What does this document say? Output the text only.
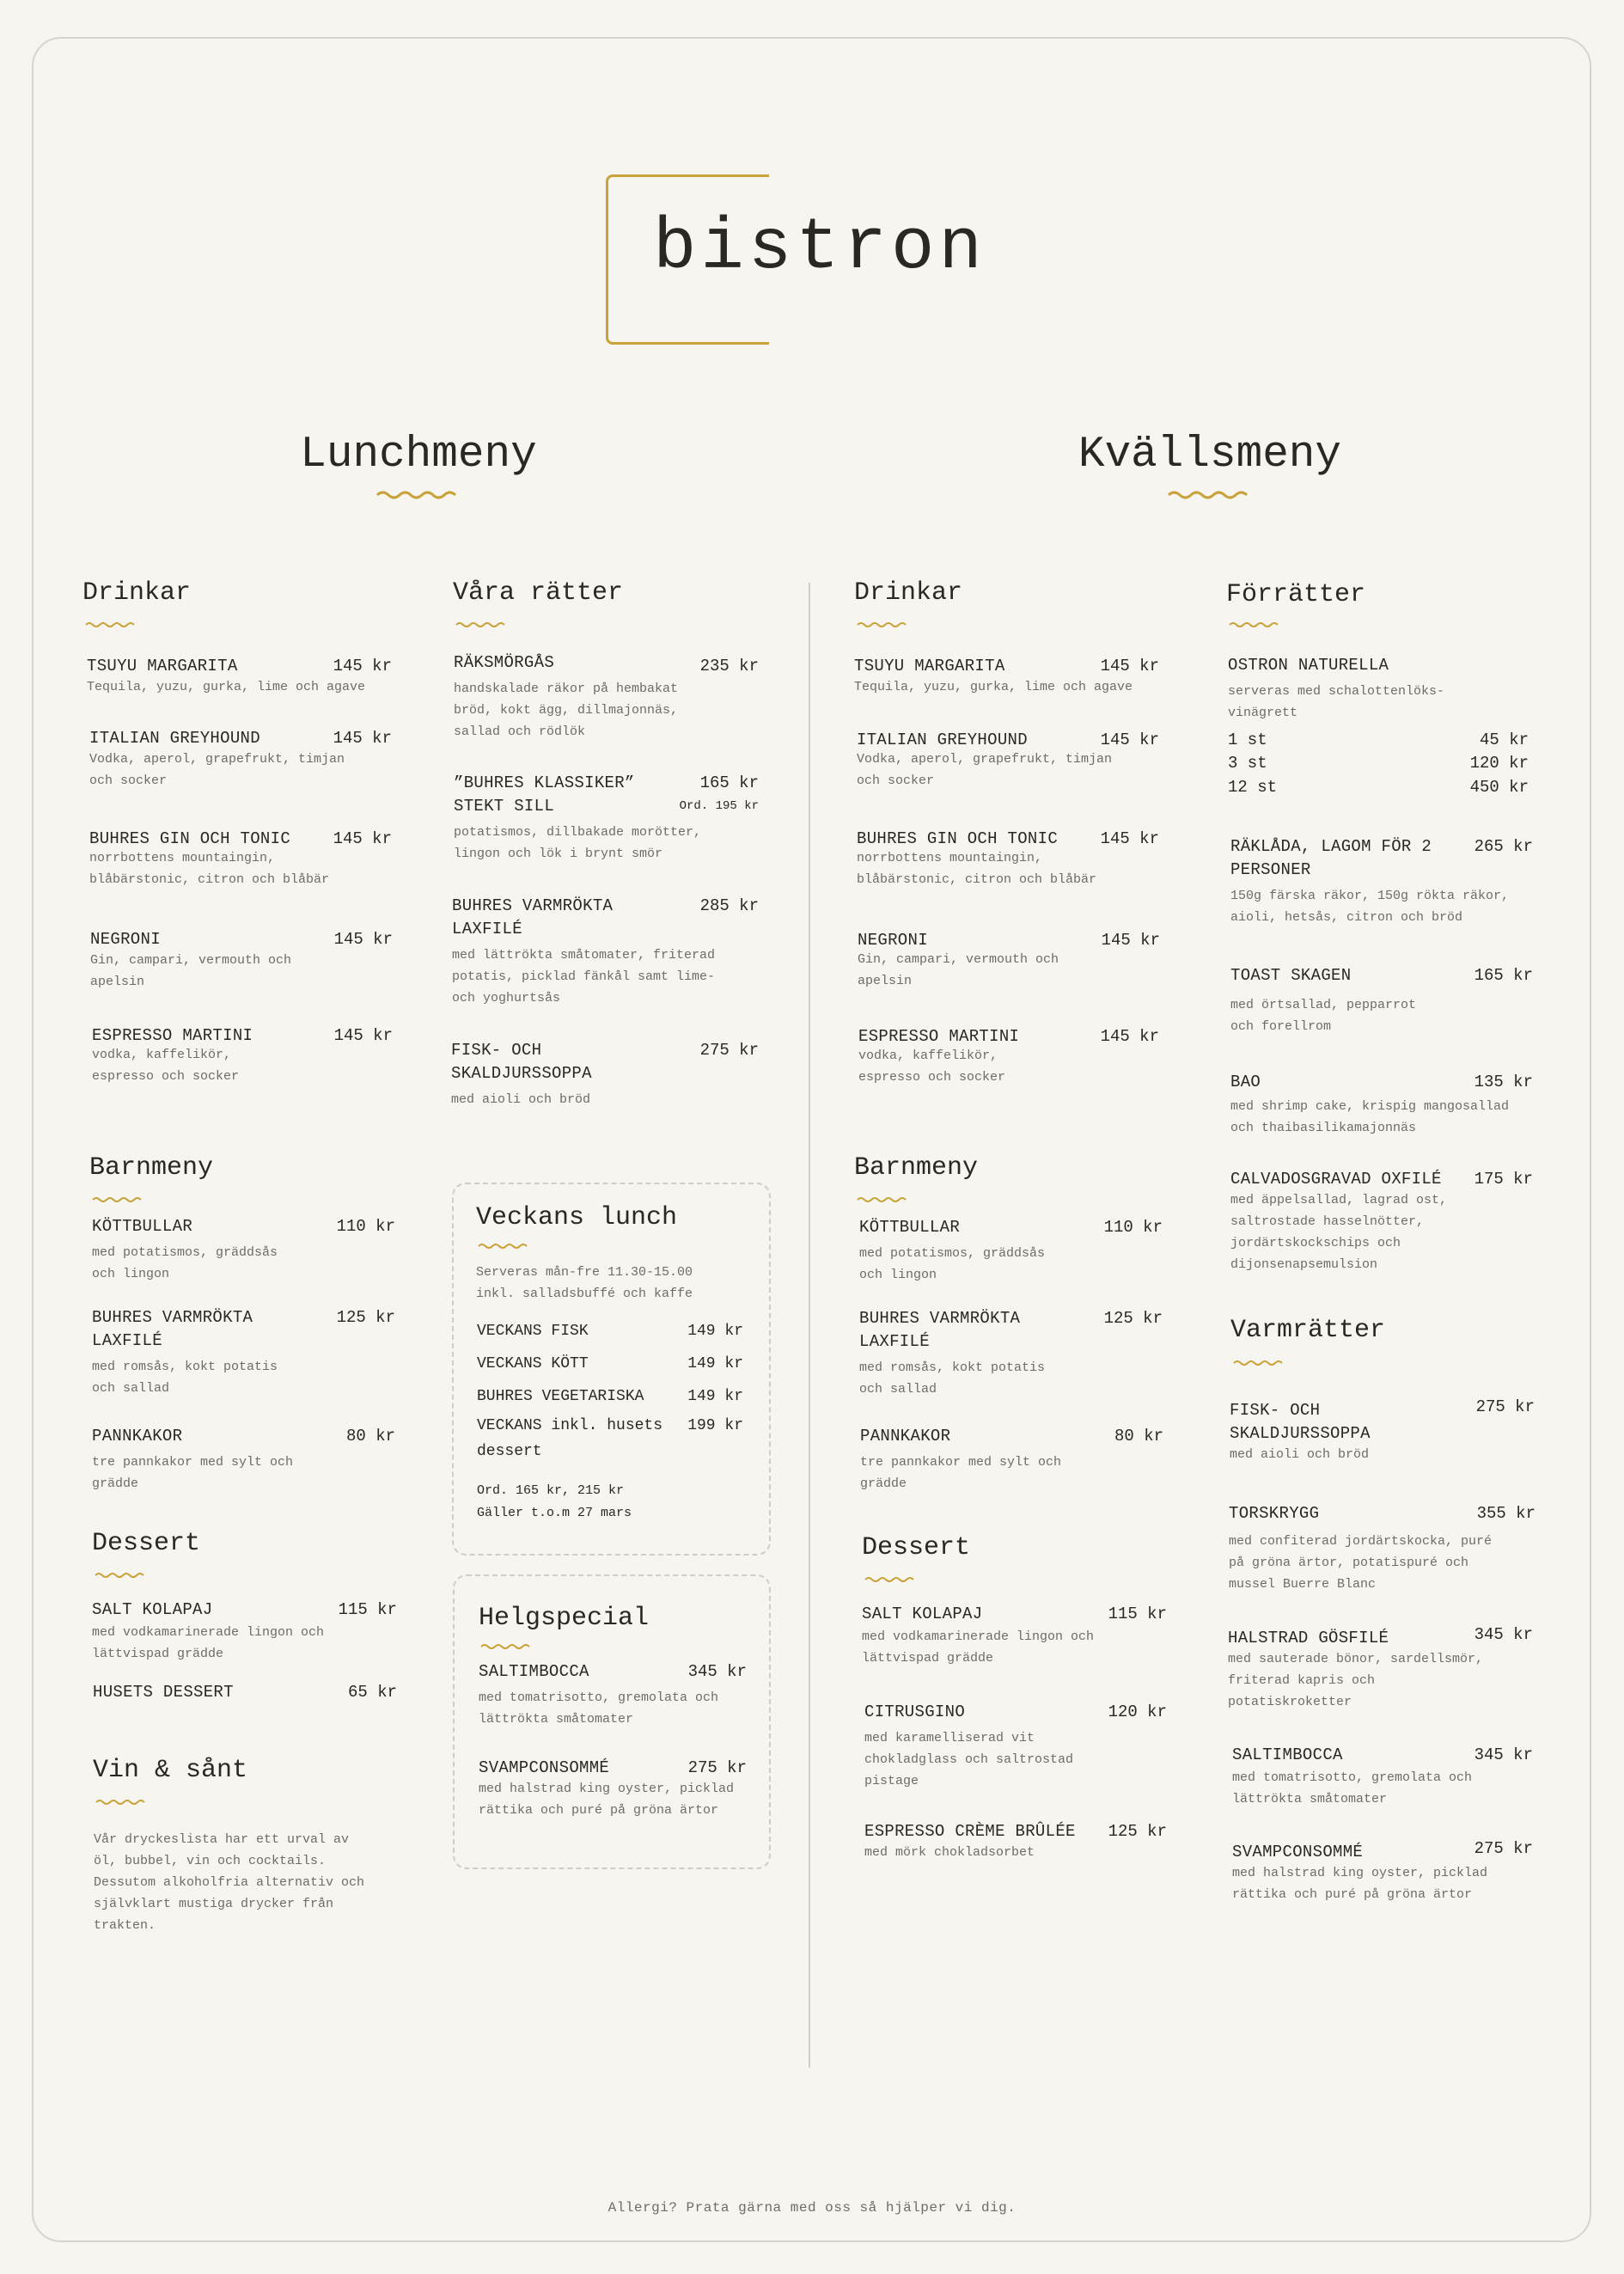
bistron
Lunchmeny	Kvällsmeny
Drinkar
TSUYU MARGARITA	145 kr
Tequila, yuzu, gurka, lime och agave
ITALIAN GREYHOUND	145 kr
Vodka, aperol, grapefrukt, timjan och socker
BUHRES GIN OCH TONIC	145 kr
norrbottens mountaingin, blåbärstonic, citron och blåbär
NEGRONI	145 kr
Gin, campari, vermouth och apelsin
ESPRESSO MARTINI	145 kr
vodka, kaffelikör, espresso och socker
Våra rätter
RÄKSMÖRGÅS	235 kr
handskalade räkor på hembakat bröd, kokt ägg, dillmajonnäs, sallad och rödlök
”BUHRES KLASSIKER” STEKT SILL
165 kr
Ord. 195 kr
potatismos, dillbakade morötter, lingon och lök i brynt smör
BUHRES VARMRÖKTA LAXFILÉ
285 kr
med lättrökta småtomater, friterad potatis, picklad fänkål samt lime- och yoghurtsås
FISK- OCH SKALDJURSSOPPA
275 kr
med aioli och bröd
Barnmeny
KÖTTBULLAR	110 kr
med potatismos, gräddsås och lingon
BUHRES VARMRÖKTA LAXFILÉ
125 kr
med romsås, kokt potatis och sallad
PANNKAKOR	80 kr
tre pannkakor med sylt och grädde
Dessert
SALT KOLAPAJ	115 kr
med vodkamarinerade lingon och lättvispad grädde
HUSETS DESSERT	65 kr
Vin & sånt
Vår dryckeslista har ett urval av öl, bubbel, vin och cocktails. Dessutom alkoholfria alternativ och självklart mustiga drycker från trakten.
Veckans lunch
Serveras mån-fre 11.30-15.00 inkl. salladsbuffé och kaffe
VECKANS FISK	149 kr
VECKANS KÖTT	149 kr
BUHRES VEGETARISKA	149 kr
VECKANS inkl. husets dessert
199 kr
Ord. 165 kr, 215 kr
Gäller t.o.m 27 mars
Helgspecial
SALTIMBOCCA	345 kr
med tomatrisotto, gremolata och lättrökta småtomater
SVAMPCONSOMMÉ	275 kr
med halstrad king oyster, picklad rättika och puré på gröna ärtor
Drinkar
TSUYU MARGARITA	145 kr
Tequila, yuzu, gurka, lime och agave
ITALIAN GREYHOUND	145 kr
Vodka, aperol, grapefrukt, timjan och socker
BUHRES GIN OCH TONIC	145 kr
norrbottens mountaingin, blåbärstonic, citron och blåbär
NEGRONI	145 kr
Gin, campari, vermouth och apelsin
ESPRESSO MARTINI	145 kr
vodka, kaffelikör, espresso och socker
Barnmeny
KÖTTBULLAR	110 kr
med potatismos, gräddsås och lingon
BUHRES VARMRÖKTA LAXFILÉ
125 kr
med romsås, kokt potatis och sallad
PANNKAKOR	80 kr
tre pannkakor med sylt och grädde
Dessert
SALT KOLAPAJ	115 kr
med vodkamarinerade lingon och lättvispad grädde
CITRUSGINO	120 kr
med karamelliserad vit chokladglass och saltrostad pistage
ESPRESSO CRÈME BRÛLÉE	125 kr
med mörk chokladsorbet
Förrätter
OSTRON NATURELLA
serveras med schalottenlöks-vinägrett
1 st	45 kr
3 st	120 kr
12 st	450 kr
RÄKLÅDA, LAGOM FÖR 2 PERSONER
265 kr
150g färska räkor, 150g rökta räkor, aioli, hetsås, citron och bröd
TOAST SKAGEN	165 kr
med örtsallad, pepparrot och forellrom
BAO	135 kr
med shrimp cake, krispig mangosallad och thaibasilikamajonnäs
CALVADOSGRAVAD OXFILÉ	175 kr
med äppelsallad, lagrad ost, saltrostade hasselnötter, jordärtskockschips och dijonsenapsemulsion
Varmrätter
FISK- OCH SKALDJURSSOPPA
275 kr
med aioli och bröd
TORSKRYGG	355 kr
med confiterad jordärtskocka, puré på gröna ärtor, potatispuré och mussel Buerre Blanc
HALSTRAD GÖSFILÉ	345 kr
med sauterade bönor, sardellsmör, friterad kapris och potatiskroketter
SALTIMBOCCA	345 kr
med tomatrisotto, gremolata och lättrökta småtomater
SVAMPCONSOMMÉ	275 kr
med halstrad king oyster, picklad rättika och puré på gröna ärtor
Allergi? Prata gärna med oss så hjälper vi dig.
